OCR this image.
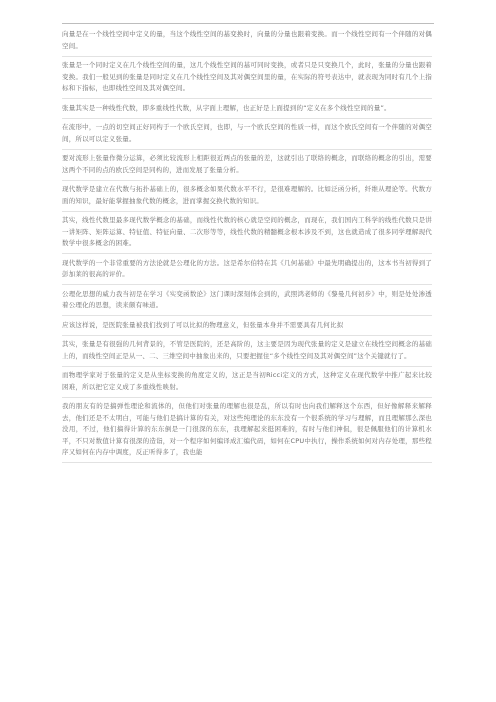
向量是在一个线性空间中定义的量，当这个线性空间的基变换时，向量的分量也跟着变换。而一个线性空间有一个伴随的对偶空间。

张量是一个同时定义在几个线性空间的量，这几个线性空间的基可同时变换，或者只是只变换几个，此时，张量的分量也跟着变换。我们一般见到的张量是同时定义在几个线性空间及其对偶空间里的量，在实际的符号表达中，就表现为同时有几个上指标和下指标，也即线性空间及其对偶空间。

张量其实是一种线性代数，即多重线性代数，从字面上理解，也正好是上面提到的“定义在多个线性空间的量”。

在流形中，一点的切空间正好同构于一个欧氏空间，也即，与一个欧氏空间的性质一样，而这个欧氏空间有一个伴随的对偶空间，所以可以定义张量。

要对流形上张量作微分运算，必须比较流形上相距很近两点的张量的差，这就引出了联络的概念，而联络的概念的引出，需要这两个不同的点的欧氏空间是同构的，进而发展了张量分析。

现代数学是建立在代数与拓扑基础上的，很多概念如果代数水平不行，是很难理解的。比如泛函分析，纤维从理论等。代数方面的知识，最好能掌握抽象代数的概念，进而掌握交换代数的知识。

其实，线性代数里最多现代数学概念的基础，而线性代数的核心就是空间的概念，而现在，我们国内工科学的线性代数只是讲一讲矩阵、矩阵运算、特征值、特征向量、二次形等等，线性代数的精髓概念根本涉及不到，这也就造成了很多同学理解现代数学中很多概念的困难。

现代数学的一个非常重要的方法论就是公理化的方法。这是希尔伯特在其《几何基础》中最先明确提出的，这本书当初得到了彭加莱的很高的评价。

公理化思想的威力我当初是在学习《实变函数论》这门课时深刻体会到的，武照鸿老师的《黎曼几何初步》中，则是处处渗透着公理化的思想，读来颇有味道。

应该这样说，是医院张量被我们找到了可以比拟的物理意义，但张量本身并不需要具有几何比拟

其实，张量是有很强的几何背景的，不管是医院的，还是高阶的，这主要是因为现代张量的定义是建立在线性空间概念的基础上的，而线性空间正是从一、二、三维空间中抽象出来的，只要把握住“多个线性空间及其对偶空间”这个关键就行了。

而物理学家对于张量的定义是从坐标变换的角度定义的，这正是当初Ricci定义的方式，这种定义在现代数学中推广起来比较困难，所以把它定义成了多重线性映射。

我的朋友有的是搞弹性理论和流体的，但他们对张量的理解也很是乱，所以有时也向我们解释这个东西，但好像解释来解释去，他们还是不太明白，可能与他们是搞计算的有关，对这些纯理论的东东没有一个很系统的学习与理解，而且理解那么深也没用，不过，他们搞得计算的东东倒是一门很深的东东，我理解起来挺困难的，有时与他们神侃，很是佩服他们的计算机水平，不只对数值计算有很深的造诣，对一个程序如何编译成汇编代码，如何在CPU中执行，操作系统如何对内存处理，那些程序又如何在内存中调度，反正听得多了，我也能
